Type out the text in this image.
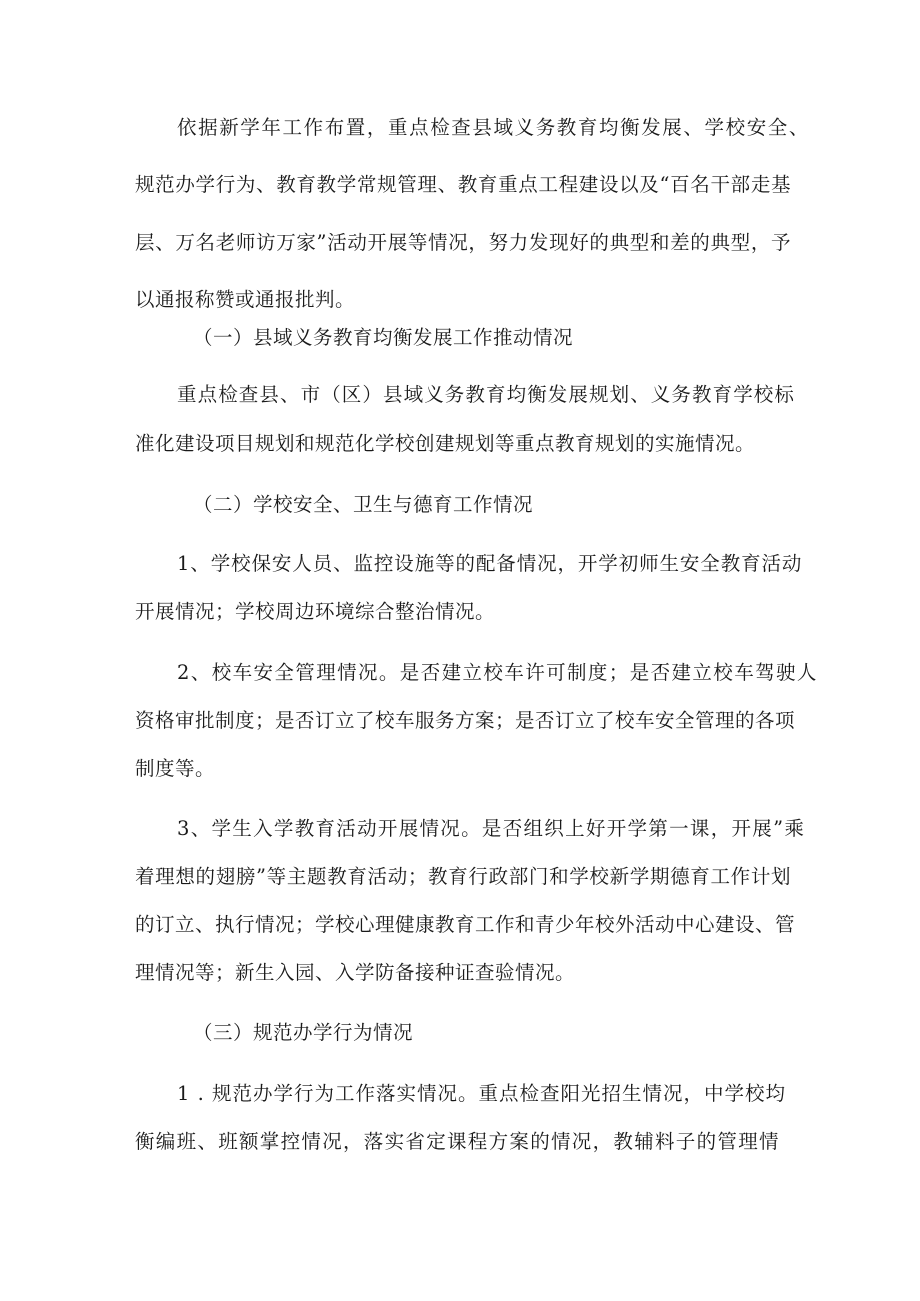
依据新学年工作布置，重点检查县域义务教育均衡发展、学校安全、
规范办学行为、教育教学常规管理、教育重点工程建设以及“百名干部走基
层、万名老师访万家”活动开展等情况，努力发现好的典型和差的典型，予
以通报称赞或通报批判。
（一）县域义务教育均衡发展工作推动情况
重点检查县、市（区）县域义务教育均衡发展规划、义务教育学校标
准化建设项目规划和规范化学校创建规划等重点教育规划的实施情况。
（二）学校安全、卫生与德育工作情况
1、学校保安人员、监控设施等的配备情况，开学初师生安全教育活动
开展情况；学校周边环境综合整治情况。
2、校车安全管理情况。是否建立校车许可制度；是否建立校车驾驶人
资格审批制度；是否订立了校车服务方案；是否订立了校车安全管理的各项
制度等。
3、学生入学教育活动开展情况。是否组织上好开学第一课，开展”乘
着理想的翅膀”等主题教育活动；教育行政部门和学校新学期德育工作计划
的订立、执行情况；学校心理健康教育工作和青少年校外活动中心建设、管
理情况等；新生入园、入学防备接种证查验情况。
（三）规范办学行为情况
1 . 规范办学行为工作落实情况。重点检查阳光招生情况，中学校均
衡编班、班额掌控情况，落实省定课程方案的情况，教辅料子的管理情
